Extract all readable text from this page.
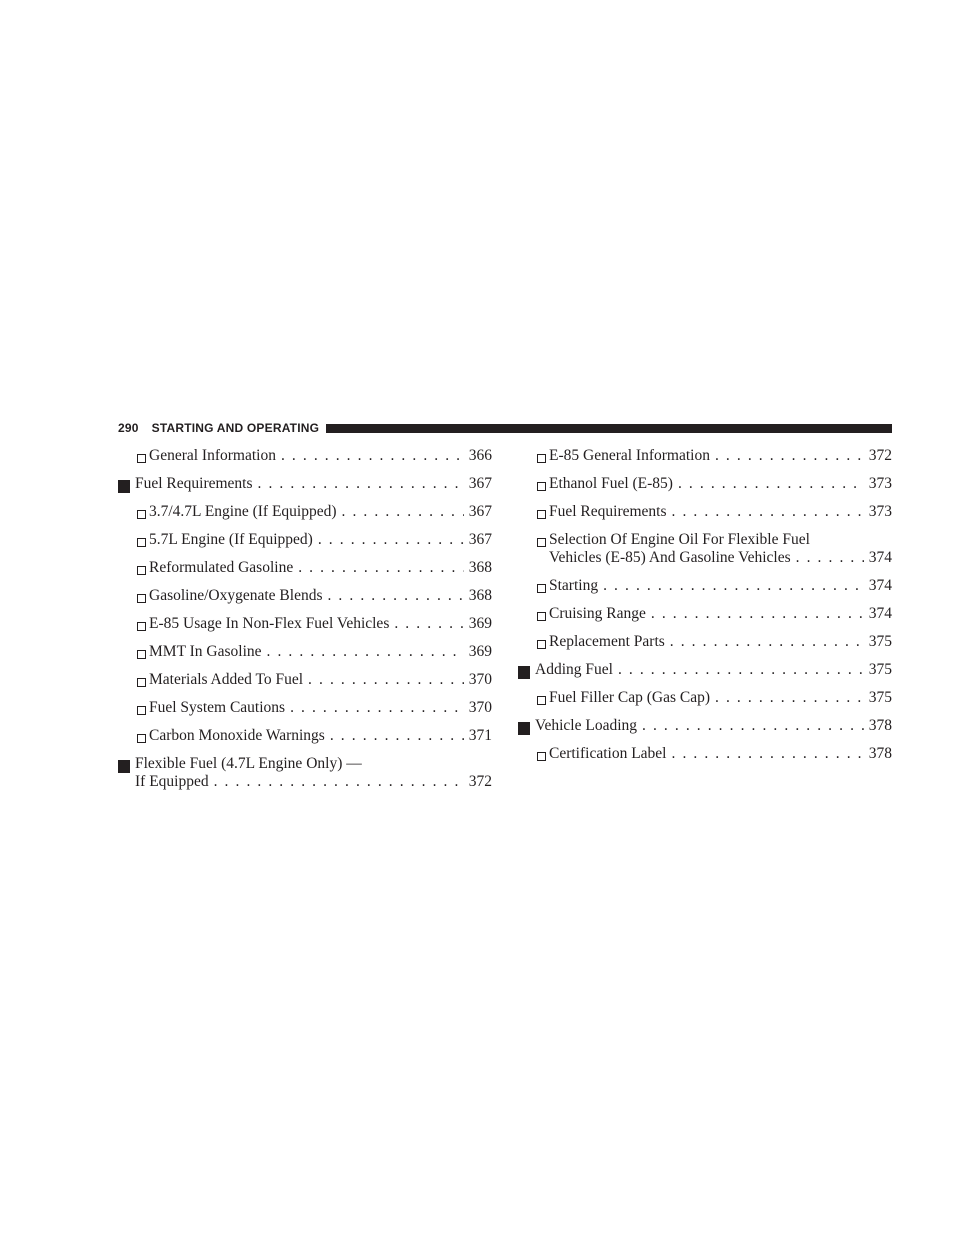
290 STARTING AND OPERATING
General Information . . .	366
Fuel Requirements . . .	367
3.7/4.7L Engine (If Equipped) . . .	367
5.7L Engine (If Equipped) . . .	367
Reformulated Gasoline . . .	368
Gasoline/Oxygenate Blends . . .	368
E-85 Usage In Non-Flex Fuel Vehicles . . .	369
MMT In Gasoline . . .	369
Materials Added To Fuel . . .	370
Fuel System Cautions . . .	370
Carbon Monoxide Warnings . . .	371
Flexible Fuel (4.7L Engine Only) —
If Equipped . . .	372
E-85 General Information . . .	372
Ethanol Fuel (E-85) . . .	373
Fuel Requirements . . .	373
Selection Of Engine Oil For Flexible Fuel
Vehicles (E-85) And Gasoline Vehicles . . .	374
Starting . . .	374
Cruising Range . . .	374
Replacement Parts . . .	375
Adding Fuel . . .	375
Fuel Filler Cap (Gas Cap) . . .	375
Vehicle Loading . . .	378
Certification Label . . .	378
